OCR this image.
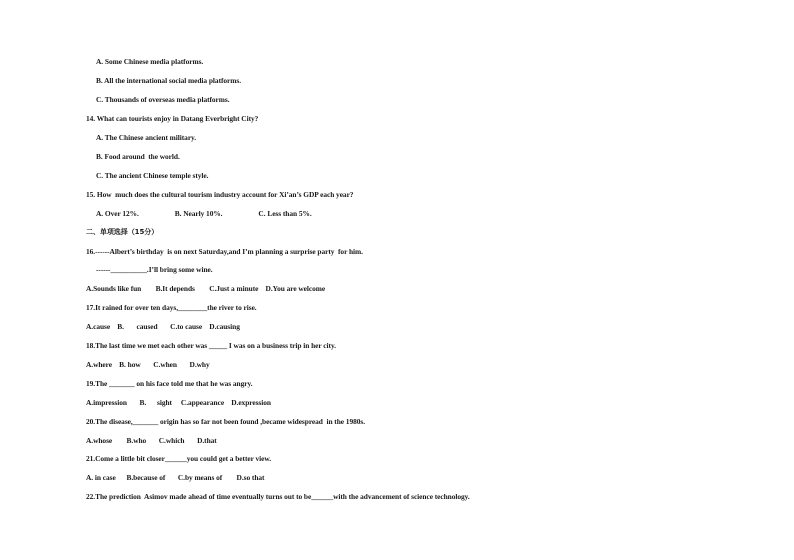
A. Some Chinese media platforms.
B. All the international social media platforms.
C. Thousands of overseas media platforms.
14. What can tourists enjoy in Datang Everbright City?
A. The Chinese ancient military.
B. Food around  the world.
C. The ancient Chinese temple style.
15. How  much does the cultural tourism industry account for Xi’an’s GDP each year?
A. Over 12%.                    B. Nearly 10%.                    C. Less than 5%.
二、单项选择（15分）
16.------Albert’s birthday  is on next Saturday,and I’m planning a surprise party  for him.
------__________.I’ll bring some wine.
A.Sounds like fun        B.It depends        C.Just a minute    D.You are welcome
17.It rained for over ten days,________the river to rise.
A.cause    B.       caused       C.to cause    D.causing
18.The last time we met each other was _____ I was on a business trip in her city.
A.where    B. how       C.when       D.why
19.The _______ on his face told me that he was angry.
A.impression       B.      sight     C.appearance    D.expression
20.The disease,_______ origin has so far not been found ,became widespread  in the 1980s.
A.whose        B.who       C.which       D.that
21.Come a little bit closer______you could get a better view.
A. in case      B.because of       C.by means of        D.so that
22.The prediction  Asimov made ahead of time eventually turns out to be______with the advancement of science technology.
